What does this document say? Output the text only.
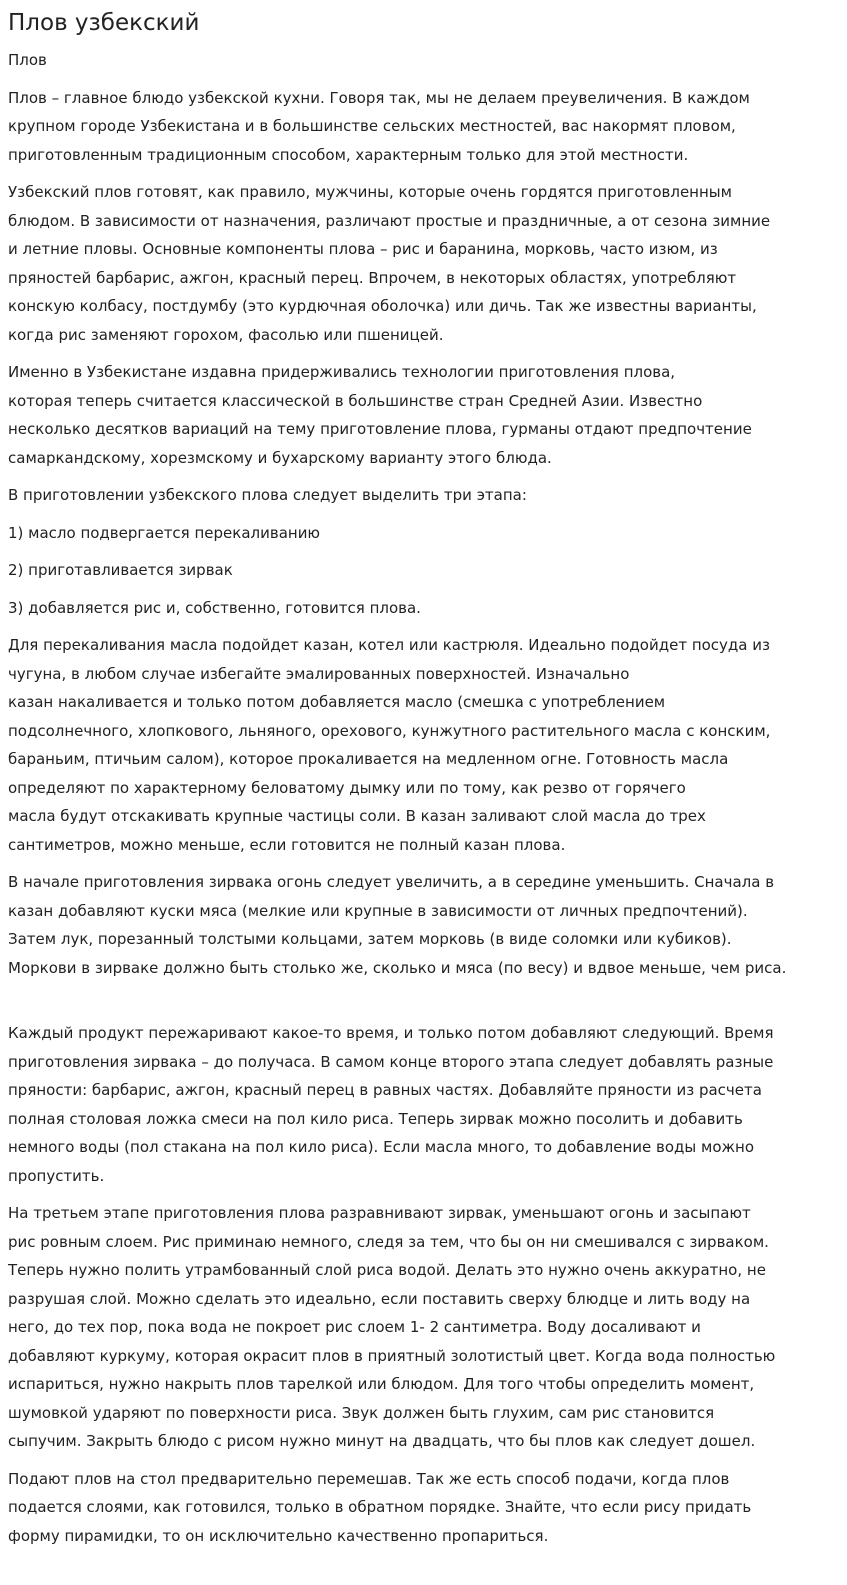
Плов узбекский
Плов

Плов – главное блюдо узбекской кухни. Говоря так, мы не делаем преувеличения. В каждом
крупном городе Узбекистана и в большинстве сельских местностей, вас накормят пловом,
приготовленным традиционным способом, характерным только для этой местности.

Узбекский плов готовят, как правило, мужчины, которые очень гордятся приготовленным
блюдом. В зависимости от назначения, различают простые и праздничные, а от сезона зимние
и летние пловы. Основные компоненты плова – рис и баранина, морковь, часто изюм, из
пряностей барбарис, ажгон, красный перец. Впрочем, в некоторых областях, употребляют
конскую колбасу, постдумбу (это курдючная оболочка) или дичь. Так же известны варианты,
когда рис заменяют горохом, фасолью или пшеницей.

Именно в Узбекистане издавна придерживались технологии приготовления плова,
которая теперь считается классической в большинстве стран Средней Азии. Известно
несколько десятков вариаций на тему приготовление плова, гурманы отдают предпочтение
самаркандскому, хорезмскому и бухарскому варианту этого блюда.

В приготовлении узбекского плова следует выделить три этапа:

1) масло подвергается перекаливанию

2) приготавливается зирвак

3) добавляется рис и, собственно, готовится плова.

Для перекаливания масла подойдет казан, котел или кастрюля. Идеально подойдет посуда из
чугуна, в любом случае избегайте эмалированных поверхностей. Изначально
казан накаливается и только потом добавляется масло (смешка с употреблением
подсолнечного, хлопкового, льняного, орехового, кунжутного растительного масла с конским,
бараньим, птичьим салом), которое прокаливается на медленном огне. Готовность масла
определяют по характерному беловатому дымку или по тому, как резво от горячего
масла будут отскакивать крупные частицы соли. В казан заливают слой масла до трех
сантиметров, можно меньше, если готовится не полный казан плова.

В начале приготовления зирвака огонь следует увеличить, а в середине уменьшить. Сначала в
казан добавляют куски мяса (мелкие или крупные в зависимости от личных предпочтений).
Затем лук, порезанный толстыми кольцами, затем морковь (в виде соломки или кубиков).
Моркови в зирваке должно быть столько же, сколько и мяса (по весу) и вдвое меньше, чем риса.

Каждый продукт пережаривают какое-то время, и только потом добавляют следующий. Время
приготовления зирвака – до получаса. В самом конце второго этапа следует добавлять разные
пряности: барбарис, ажгон, красный перец в равных частях. Добавляйте пряности из расчета
полная столовая ложка смеси на пол кило риса. Теперь зирвак можно посолить и добавить
немного воды (пол стакана на пол кило риса). Если масла много, то добавление воды можно
пропустить.

На третьем этапе приготовления плова разравнивают зирвак, уменьшают огонь и засыпают
рис ровным слоем. Рис приминаю немного, следя за тем, что бы он ни смешивался с зирваком.
Теперь нужно полить утрамбованный слой риса водой. Делать это нужно очень аккуратно, не
разрушая слой. Можно сделать это идеально, если поставить сверху блюдце и лить воду на
него, до тех пор, пока вода не покроет рис слоем 1- 2 сантиметра. Воду досаливают и
добавляют куркуму, которая окрасит плов в приятный золотистый цвет. Когда вода полностью
испариться, нужно накрыть плов тарелкой или блюдом. Для того чтобы определить момент,
шумовкой ударяют по поверхности риса. Звук должен быть глухим, сам рис становится
сыпучим. Закрыть блюдо с рисом нужно минут на двадцать, что бы плов как следует дошел.

Подают плов на стол предварительно перемешав. Так же есть способ подачи, когда плов
подается слоями, как готовился, только в обратном порядке. Знайте, что если рису придать
форму пирамидки, то он исключительно качественно пропариться.
